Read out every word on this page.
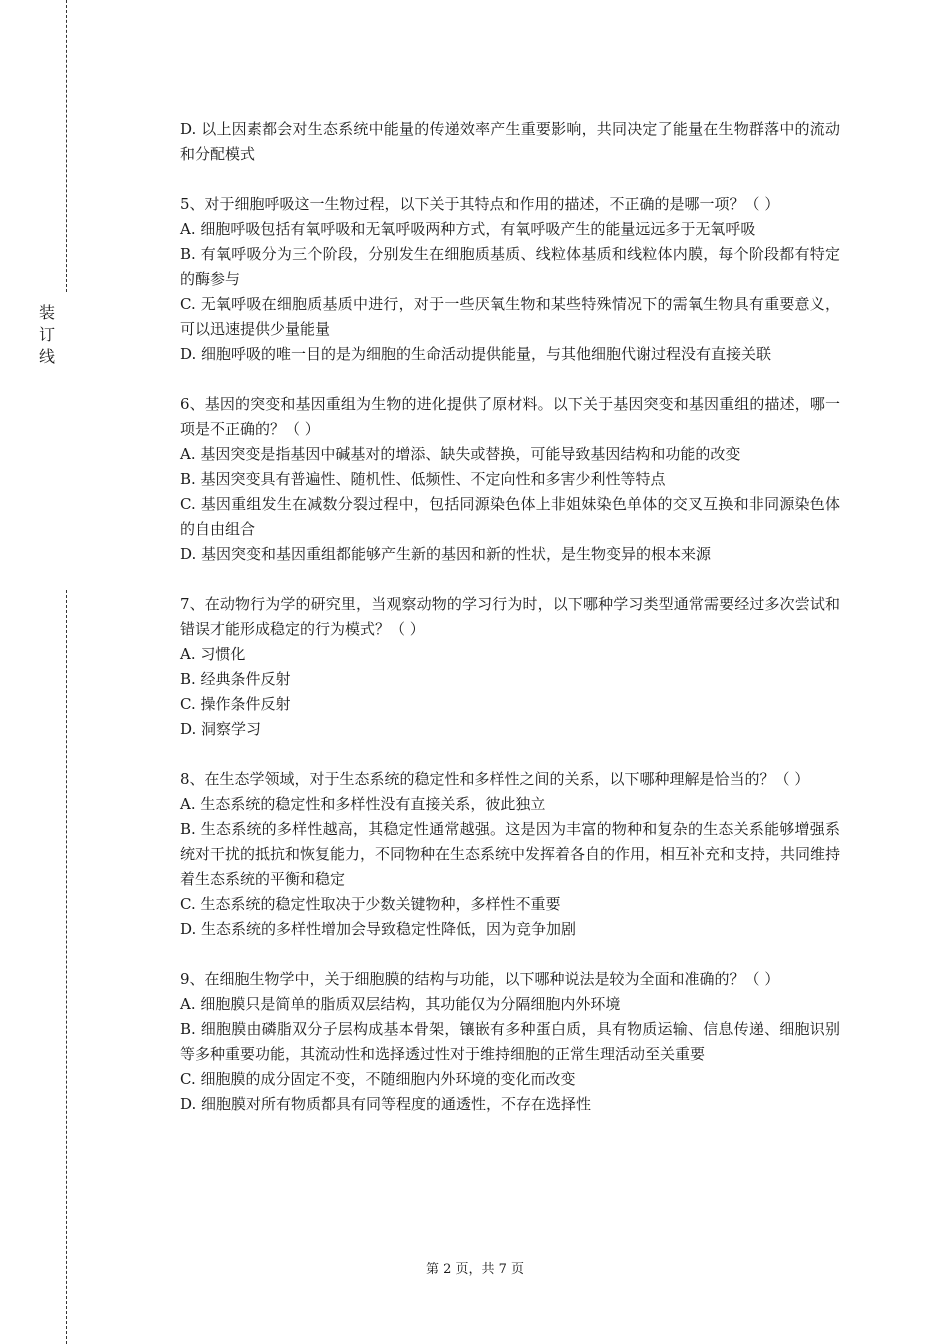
装
订
线

D. 以上因素都会对生态系统中能量的传递效率产生重要影响，共同决定了能量在生物群落中的流动和分配模式

5、对于细胞呼吸这一生物过程，以下关于其特点和作用的描述，不正确的是哪一项？（ ）

A. 细胞呼吸包括有氧呼吸和无氧呼吸两种方式，有氧呼吸产生的能量远远多于无氧呼吸

B. 有氧呼吸分为三个阶段，分别发生在细胞质基质、线粒体基质和线粒体内膜，每个阶段都有特定的酶参与

C. 无氧呼吸在细胞质基质中进行，对于一些厌氧生物和某些特殊情况下的需氧生物具有重要意义，可以迅速提供少量能量

D. 细胞呼吸的唯一目的是为细胞的生命活动提供能量，与其他细胞代谢过程没有直接关联

6、基因的突变和基因重组为生物的进化提供了原材料。以下关于基因突变和基因重组的描述，哪一项是不正确的？（ ）

A. 基因突变是指基因中碱基对的增添、缺失或替换，可能导致基因结构和功能的改变

B. 基因突变具有普遍性、随机性、低频性、不定向性和多害少利性等特点

C. 基因重组发生在减数分裂过程中，包括同源染色体上非姐妹染色单体的交叉互换和非同源染色体的自由组合

D. 基因突变和基因重组都能够产生新的基因和新的性状，是生物变异的根本来源

7、在动物行为学的研究里，当观察动物的学习行为时，以下哪种学习类型通常需要经过多次尝试和错误才能形成稳定的行为模式？（ ）

A. 习惯化

B. 经典条件反射

C. 操作条件反射

D. 洞察学习

8、在生态学领域，对于生态系统的稳定性和多样性之间的关系，以下哪种理解是恰当的？（ ）

A. 生态系统的稳定性和多样性没有直接关系，彼此独立

B. 生态系统的多样性越高，其稳定性通常越强。这是因为丰富的物种和复杂的生态关系能够增强系统对干扰的抵抗和恢复能力，不同物种在生态系统中发挥着各自的作用，相互补充和支持，共同维持着生态系统的平衡和稳定

C. 生态系统的稳定性取决于少数关键物种，多样性不重要

D. 生态系统的多样性增加会导致稳定性降低，因为竞争加剧

9、在细胞生物学中，关于细胞膜的结构与功能，以下哪种说法是较为全面和准确的？（ ）

A. 细胞膜只是简单的脂质双层结构，其功能仅为分隔细胞内外环境

B. 细胞膜由磷脂双分子层构成基本骨架，镶嵌有多种蛋白质，具有物质运输、信息传递、细胞识别等多种重要功能，其流动性和选择透过性对于维持细胞的正常生理活动至关重要

C. 细胞膜的成分固定不变，不随细胞内外环境的变化而改变

D. 细胞膜对所有物质都具有同等程度的通透性，不存在选择性

第 2 页，共 7 页
